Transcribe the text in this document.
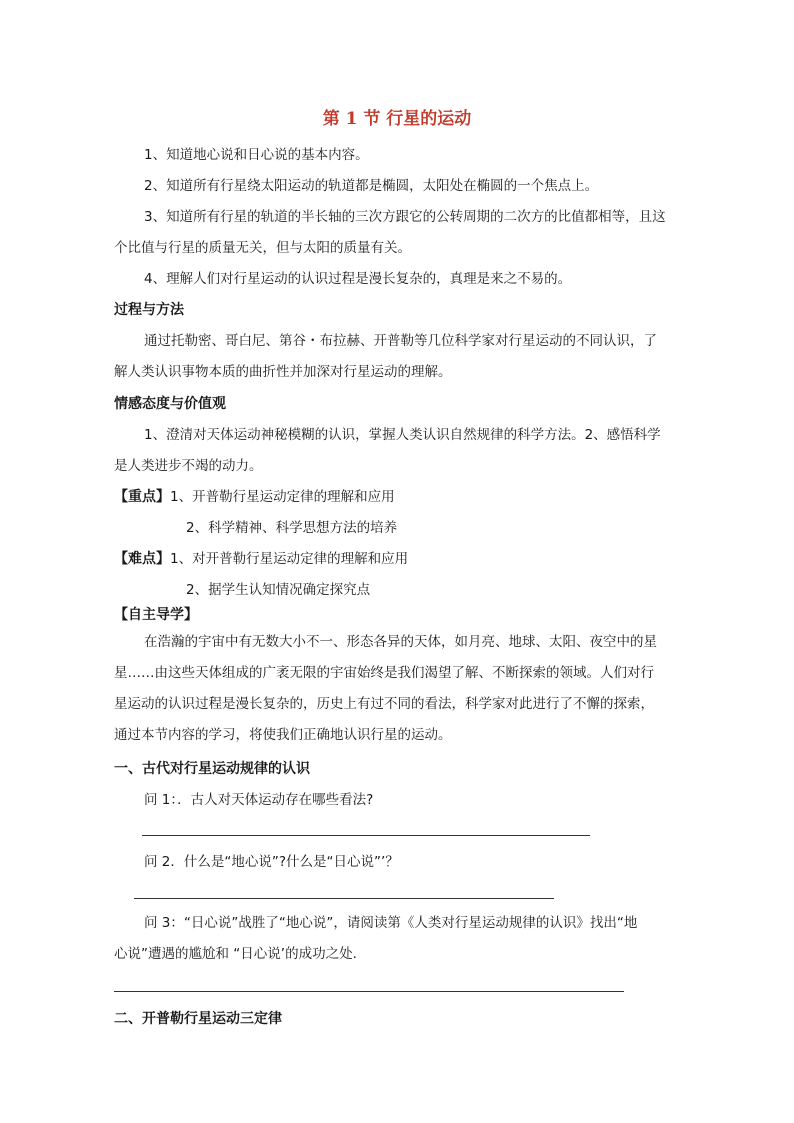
第 1 节 行星的运动
1、知道地心说和日心说的基本内容。
2、知道所有行星绕太阳运动的轨道都是椭圆，太阳处在椭圆的一个焦点上。
3、知道所有行星的轨道的半长轴的三次方跟它的公转周期的二次方的比值都相等，且这
个比值与行星的质量无关，但与太阳的质量有关。
4、理解人们对行星运动的认识过程是漫长复杂的，真理是来之不易的。
过程与方法
通过托勒密、哥白尼、第谷・布拉赫、开普勒等几位科学家对行星运动的不同认识，了
解人类认识事物本质的曲折性并加深对行星运动的理解。
情感态度与价值观
1、澄清对天体运动神秘模糊的认识，掌握人类认识自然规律的科学方法。2、感悟科学
是人类进步不竭的动力。
【重点】1、开普勒行星运动定律的理解和应用
2、科学精神、科学思想方法的培养
【难点】1、对开普勒行星运动定律的理解和应用
2、据学生认知情况确定探究点
【自主导学】
在浩瀚的宇宙中有无数大小不一、形态各异的天体，如月亮、地球、太阳、夜空中的星
星……由这些天体组成的广袤无限的宇宙始终是我们渴望了解、不断探索的领域。人们对行
星运动的认识过程是漫长复杂的，历史上有过不同的看法，科学家对此进行了不懈的探索，
通过本节内容的学习，将使我们正确地认识行星的运动。
一、古代对行星运动规律的认识
问 1：．古人对天体运动存在哪些看法?
问 2．什么是“地心说”?什么是“日心说”’？
问 3：“日心说”战胜了“地心说”，请阅读第《人类对行星运动规律的认识》找出“地
心说”遭遇的尴尬和 “日心说’的成功之处.
二、开普勒行星运动三定律
